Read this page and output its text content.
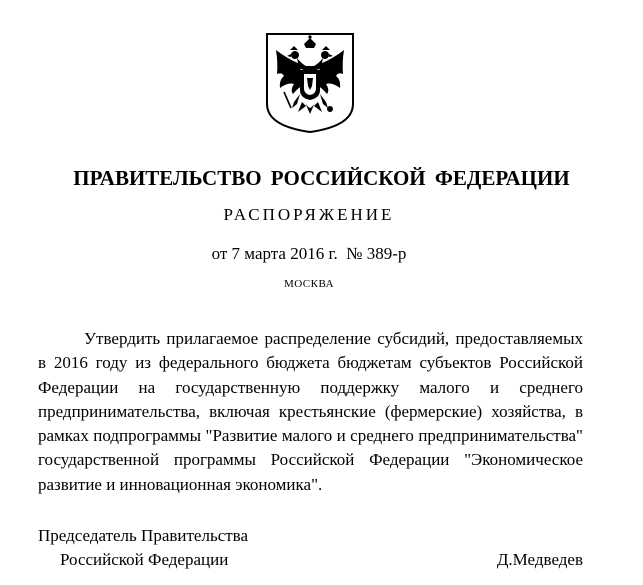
ПРАВИТЕЛЬСТВО РОССИЙСКОЙ ФЕДЕРАЦИИ
РАСПОРЯЖЕНИЕ
от 7 марта 2016 г.  № 389-р
МОСКВА
Утвердить прилагаемое распределение субсидий, предоставляемых в 2016 году из федерального бюджета бюджетам субъектов Российской Федерации на государственную поддержку малого и среднего предпринимательства, включая крестьянские (фермерские) хозяйства, в рамках подпрограммы "Развитие малого и среднего предпринимательства" государственной программы Российской Федерации "Экономическое развитие и инновационная экономика".
Председатель Правительства
Российской Федерации	Д.Медведев
